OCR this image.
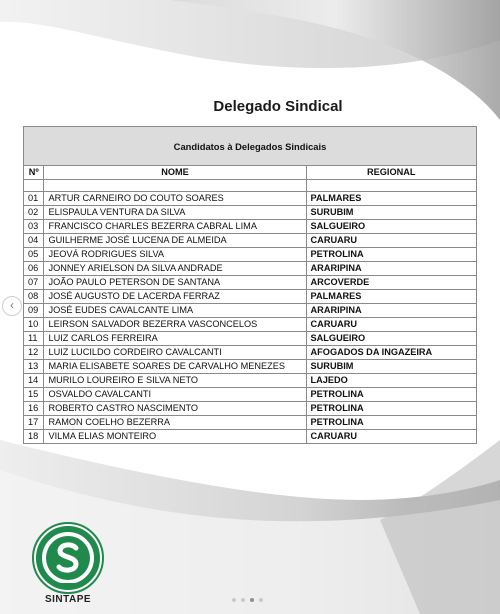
Delegado Sindical
Candidatos à Delegados Sindicais		
Nº	NOME	REGIONAL

01	ARTUR CARNEIRO DO COUTO SOARES	PALMARES
02	ELISPAULA VENTURA DA SILVA	SURUBIM
03	FRANCISCO CHARLES BEZERRA CABRAL LIMA	SALGUEIRO
04	GUILHERME JOSÉ LUCENA DE ALMEIDA	CARUARU
05	JEOVÁ RODRIGUES SILVA	PETROLINA
06	JONNEY ARIELSON DA SILVA ANDRADE	ARARIPINA
07	JOÃO PAULO PETERSON DE SANTANA	ARCOVERDE
08	JOSÉ AUGUSTO DE LACERDA FERRAZ	PALMARES
09	JOSÉ EUDES CAVALCANTE LIMA	ARARIPINA
10	LEIRSON SALVADOR BEZERRA VASCONCELOS	CARUARU
11	LUIZ CARLOS FERREIRA	SALGUEIRO
12	LUIZ LUCILDO CORDEIRO CAVALCANTI	AFOGADOS DA INGAZEIRA
13	MARIA ELISABETE SOARES DE CARVALHO MENEZES	SURUBIM
14	MURILO LOUREIRO E SILVA NETO	LAJEDO
15	OSVALDO CAVALCANTI	PETROLINA
16	ROBERTO CASTRO NASCIMENTO	PETROLINA
17	RAMON COELHO BEZERRA	PETROLINA
18	VILMA ELIAS MONTEIRO	CARUARU
‹
SINTAPE
